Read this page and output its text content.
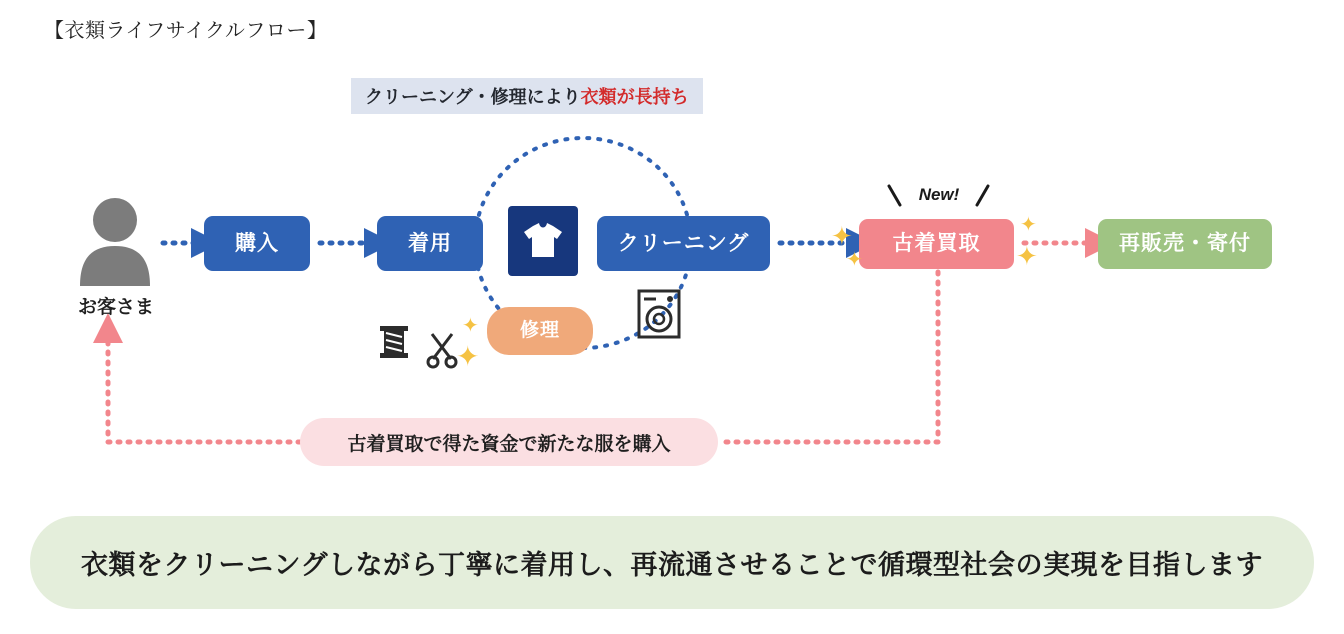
【衣類ライフサイクルフロー】
お客さま
クリーニング・修理により 衣類が長持ち
購入	着用	クリーニング
修理
古着買取	再販売・寄付
New!
✦
✦
✦
✦
✦
✦
古着買取で得た資金で新たな服を購入
衣類をクリーニングしながら丁寧に着用し、再流通させることで循環型社会の実現を目指します
